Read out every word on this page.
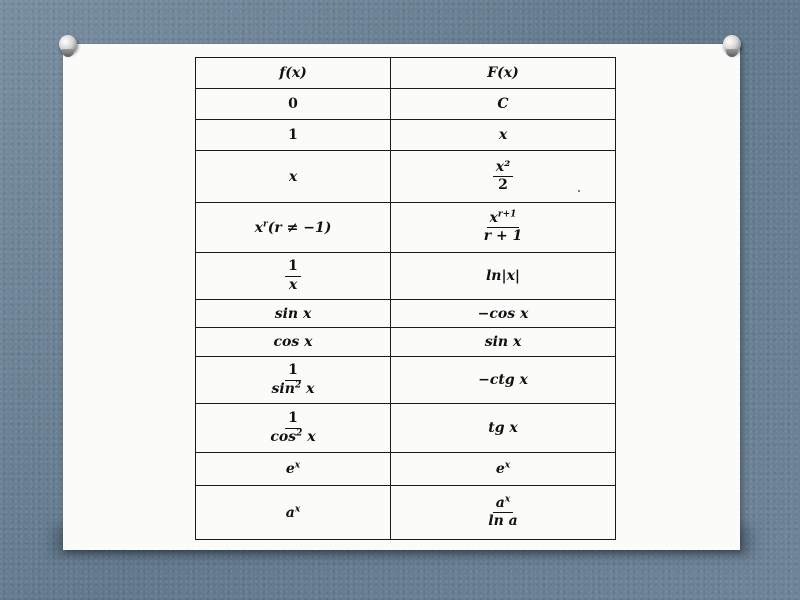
f(x)	F(x)
0	C
1	x
x	$\frac{\text{x²}}{2}$

$x^r(r \ne -1)$	$\frac{x^{r+1}}{r + 1}$

$\frac{1}{x}$	ln|x|
sin x	−cos x
cos x	sin x

$\frac{1}{\sin^2 x}$	−ctg x

$\frac{1}{\cos^2 x}$	tg x
$e^x$	$e^x$
$a^x$	$\frac{a^x}{\text{ln a}}$
